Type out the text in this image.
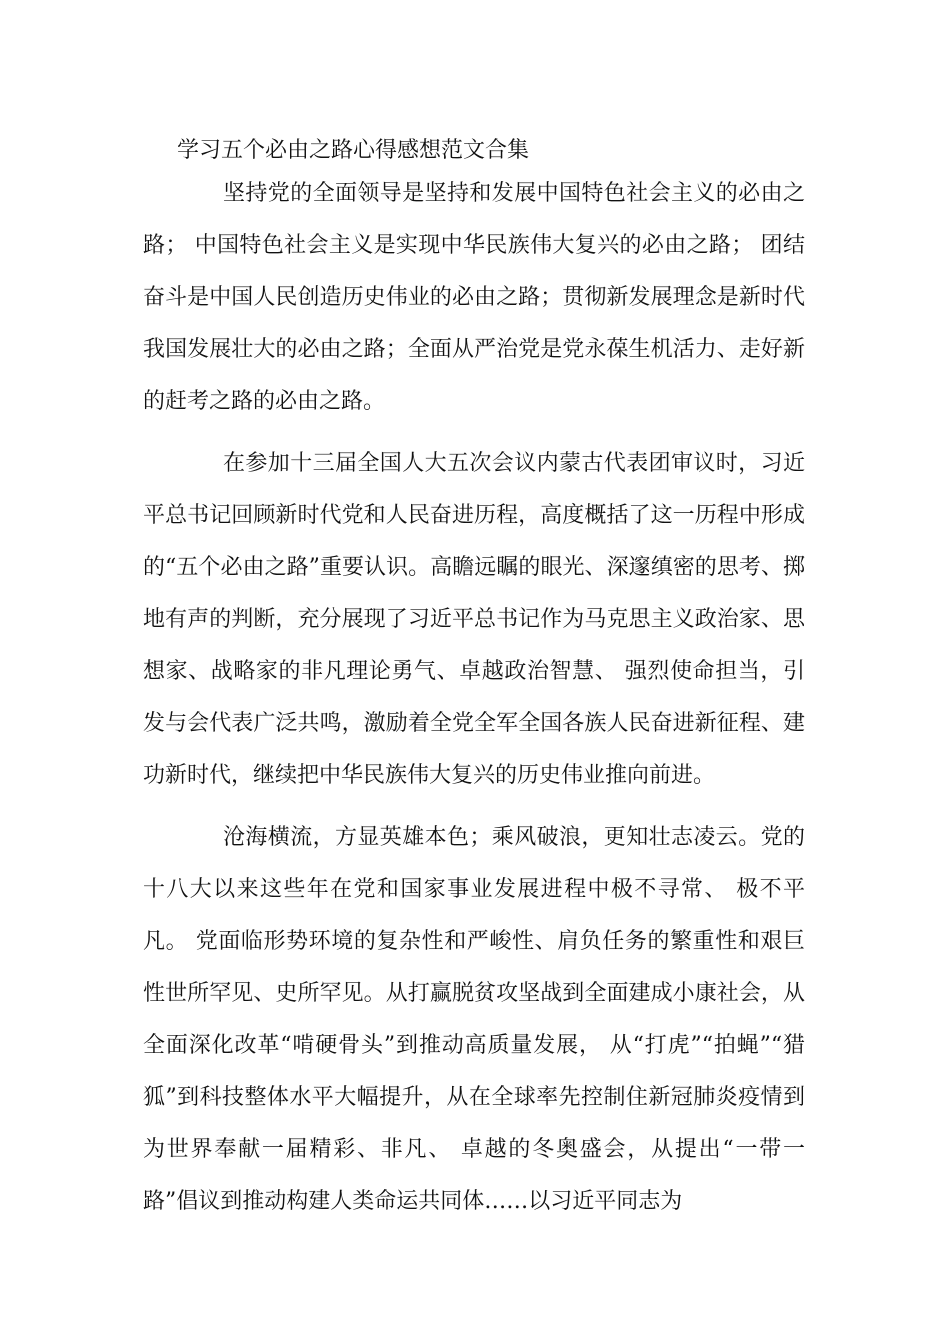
学习五个必由之路心得感想范文合集

坚持党的全面领导是坚持和发展中国特色社会主义的必由之路； 中国特色社会主义是实现中华民族伟大复兴的必由之路； 团结奋斗是中国人民创造历史伟业的必由之路；贯彻新发展理念是新时代我国发展壮大的必由之路；全面从严治党是党永葆生机活力、走好新的赶考之路的必由之路。

在参加十三届全国人大五次会议内蒙古代表团审议时，习近平总书记回顾新时代党和人民奋进历程，高度概括了这一历程中形成的“五个必由之路”重要认识。高瞻远瞩的眼光、深邃缜密的思考、掷地有声的判断，充分展现了习近平总书记作为马克思主义政治家、思想家、战略家的非凡理论勇气、卓越政治智慧、 强烈使命担当，引发与会代表广泛共鸣，激励着全党全军全国各族人民奋进新征程、建功新时代，继续把中华民族伟大复兴的历史伟业推向前进。

沧海横流，方显英雄本色；乘风破浪，更知壮志凌云。党的十八大以来这些年在党和国家事业发展进程中极不寻常、 极不平凡。 党面临形势环境的复杂性和严峻性、肩负任务的繁重性和艰巨性世所罕见、史所罕见。从打赢脱贫攻坚战到全面建成小康社会，从全面深化改革“啃硬骨头”到推动高质量发展， 从“打虎”“拍蝇”“猎狐”到科技整体水平大幅提升，从在全球率先控制住新冠肺炎疫情到为世界奉献一届精彩、非凡、 卓越的冬奥盛会，从提出“一带一路”倡议到推动构建人类命运共同体……以习近平同志为
